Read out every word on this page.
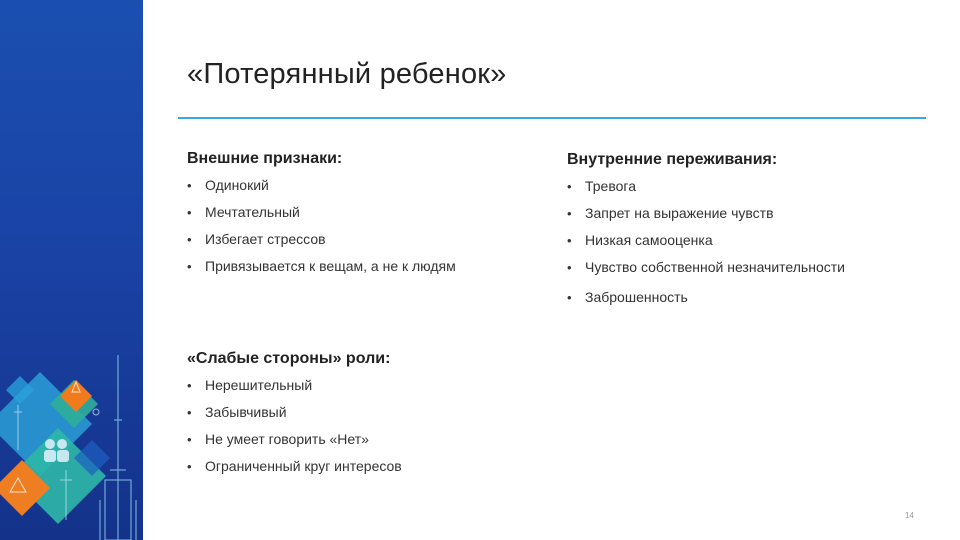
«Потерянный ребенок»
Внешние признаки:
• Одинокий
• Мечтательный
• Избегает стрессов
• Привязывается к вещам, а не к людям
Внутренние переживания:
• Тревога
• Запрет на выражение чувств
• Низкая самооценка
• Чувство собственной незначительности
• Заброшенность
«Слабые стороны» роли:
• Нерешительный
• Забывчивый
• Не умеет говорить «Нет»
• Ограниченный круг интересов
14
